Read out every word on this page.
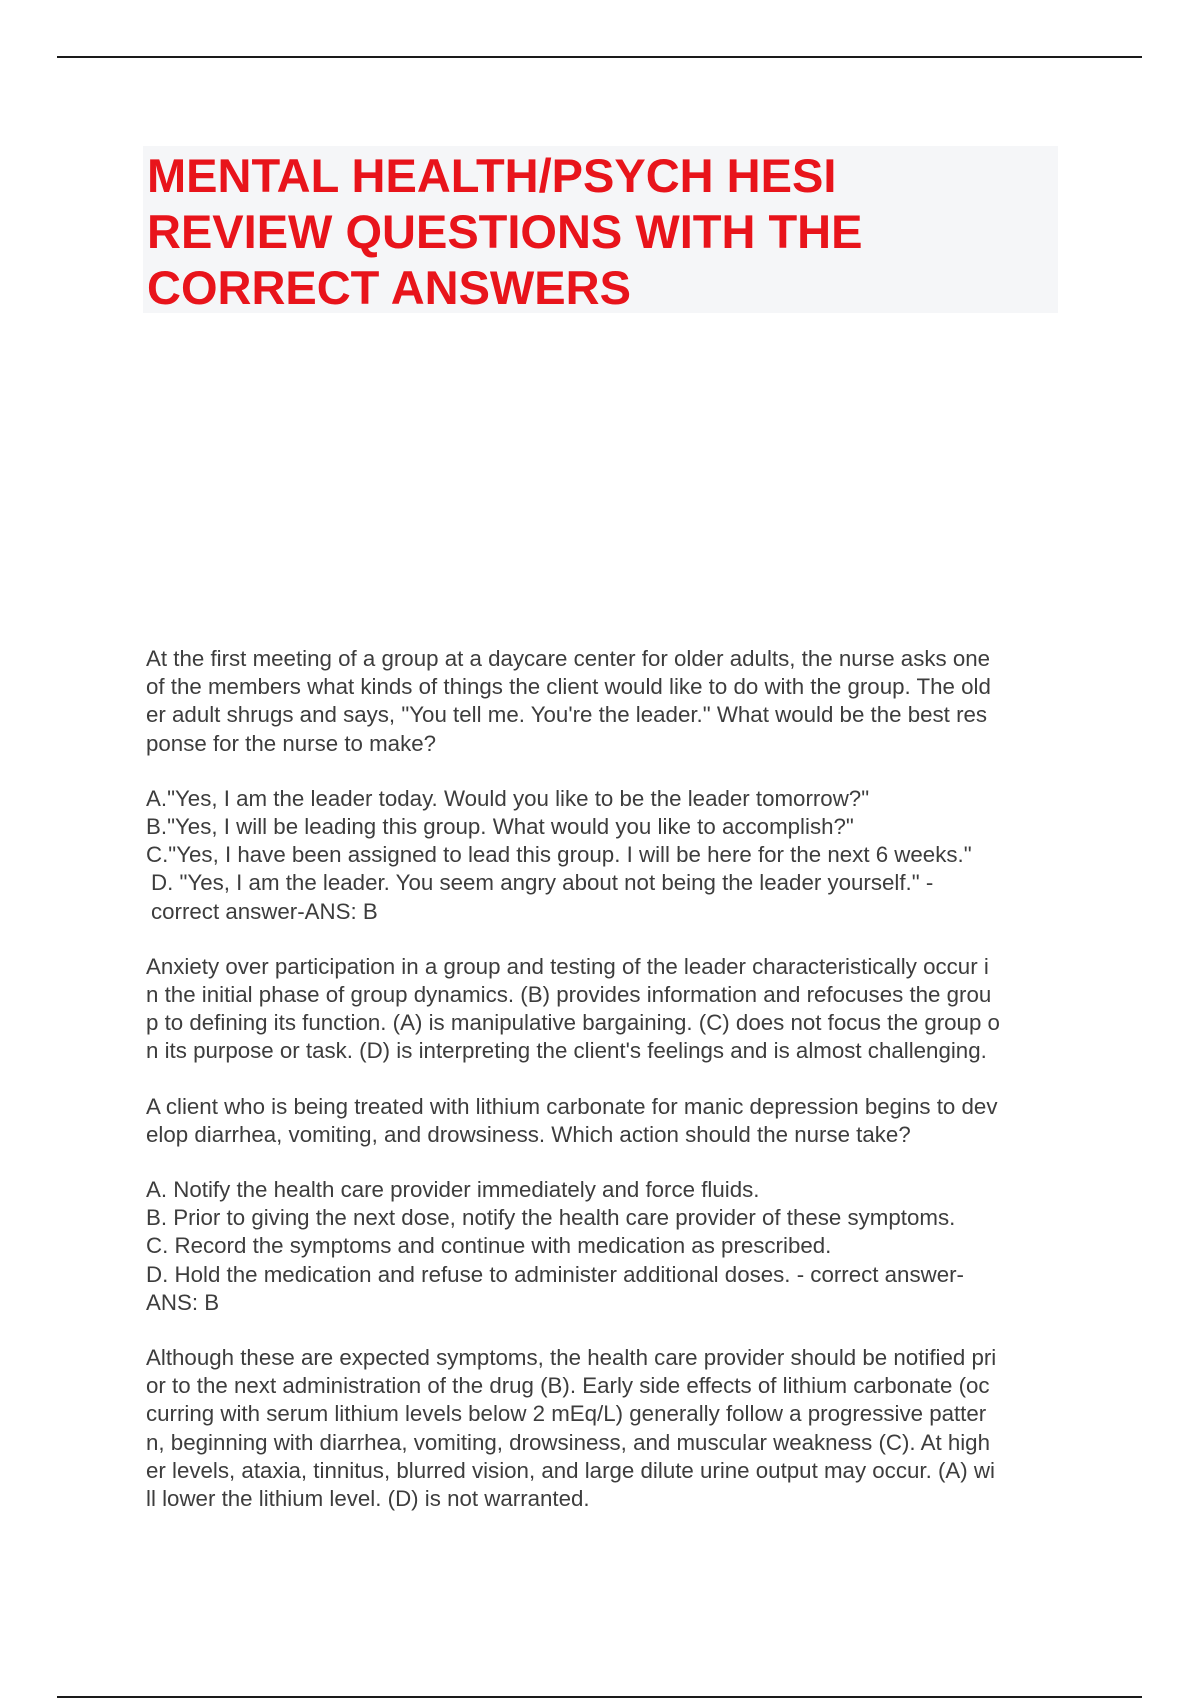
MENTAL HEALTH/PSYCH HESI
REVIEW QUESTIONS WITH THE
CORRECT ANSWERS

At the first meeting of a group at a daycare center for older adults, the nurse asks one
of the members what kinds of things the client would like to do with the group. The old
er adult shrugs and says, "You tell me. You're the leader." What would be the best res
ponse for the nurse to make?

A."Yes, I am the leader today. Would you like to be the leader tomorrow?"
B."Yes, I will be leading this group. What would you like to accomplish?"
C."Yes, I have been assigned to lead this group. I will be here for the next 6 weeks."
D. "Yes, I am the leader. You seem angry about not being the leader yourself." -
correct answer-ANS: B

Anxiety over participation in a group and testing of the leader characteristically occur i
n the initial phase of group dynamics. (B) provides information and refocuses the grou
p to defining its function. (A) is manipulative bargaining. (C) does not focus the group o
n its purpose or task. (D) is interpreting the client's feelings and is almost challenging.

A client who is being treated with lithium carbonate for manic depression begins to dev
elop diarrhea, vomiting, and drowsiness. Which action should the nurse take?

A. Notify the health care provider immediately and force fluids.
B. Prior to giving the next dose, notify the health care provider of these symptoms.
C. Record the symptoms and continue with medication as prescribed.
D. Hold the medication and refuse to administer additional doses. - correct answer-
ANS: B

Although these are expected symptoms, the health care provider should be notified pri
or to the next administration of the drug (B). Early side effects of lithium carbonate (oc
curring with serum lithium levels below 2 mEq/L) generally follow a progressive patter
n, beginning with diarrhea, vomiting, drowsiness, and muscular weakness (C). At high
er levels, ataxia, tinnitus, blurred vision, and large dilute urine output may occur. (A) wi
ll lower the lithium level. (D) is not warranted.
